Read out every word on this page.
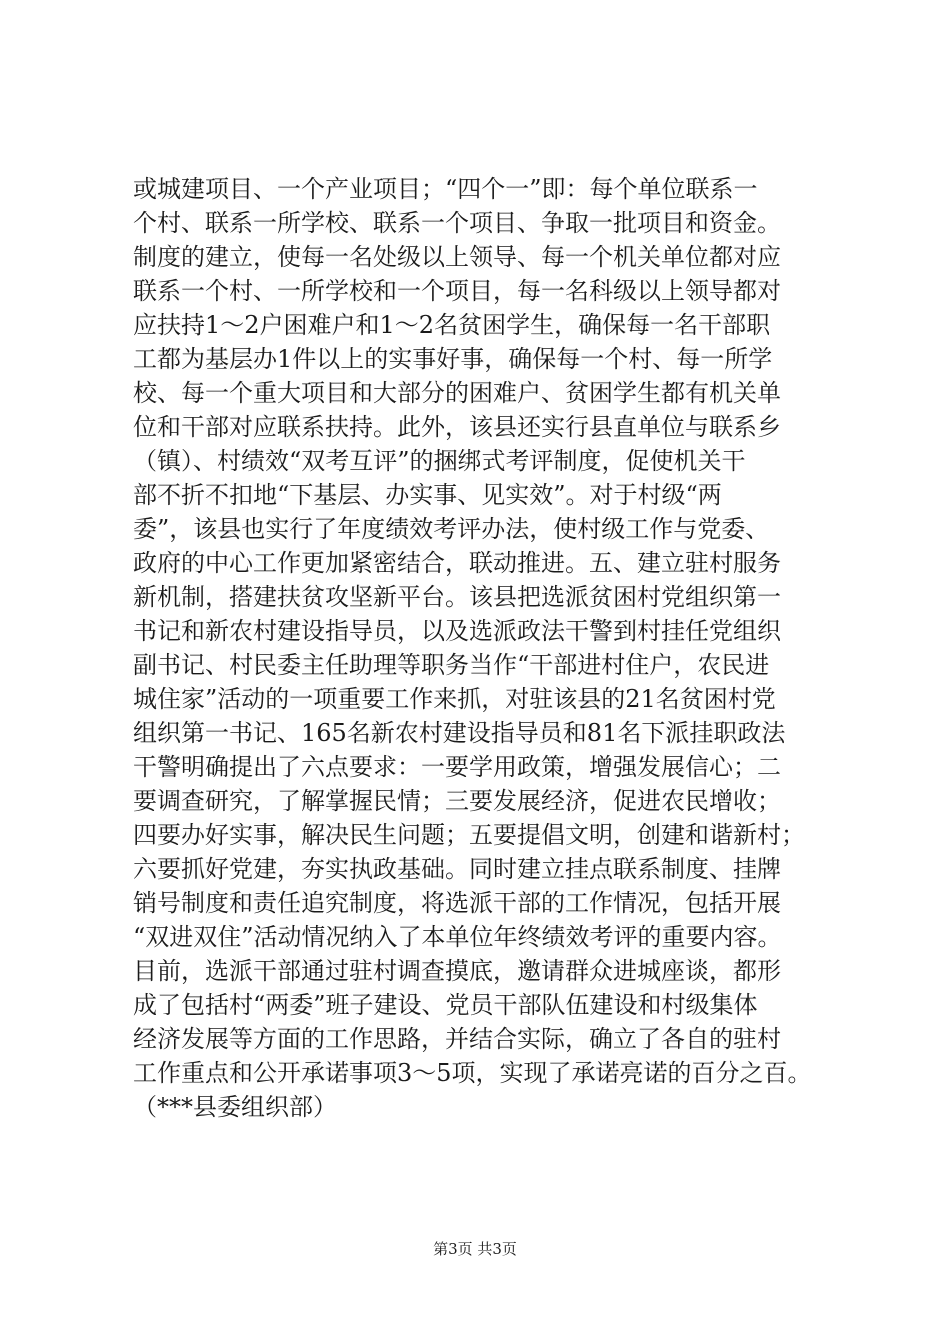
或城建项目、一个产业项目；“四个一”即：每个单位联系一
个村、联系一所学校、联系一个项目、争取一批项目和资金。
制度的建立，使每一名处级以上领导、每一个机关单位都对应
联系一个村、一所学校和一个项目，每一名科级以上领导都对
应扶持1～2户困难户和1～2名贫困学生，确保每一名干部职
工都为基层办1件以上的实事好事，确保每一个村、每一所学
校、每一个重大项目和大部分的困难户、贫困学生都有机关单
位和干部对应联系扶持。此外，该县还实行县直单位与联系乡
（镇）、村绩效“双考互评”的捆绑式考评制度，促使机关干
部不折不扣地“下基层、办实事、见实效”。对于村级“两
委”，该县也实行了年度绩效考评办法，使村级工作与党委、
政府的中心工作更加紧密结合，联动推进。五、建立驻村服务
新机制，搭建扶贫攻坚新平台。该县把选派贫困村党组织第一
书记和新农村建设指导员，以及选派政法干警到村挂任党组织
副书记、村民委主任助理等职务当作“干部进村住户，农民进
城住家”活动的一项重要工作来抓，对驻该县的21名贫困村党
组织第一书记、165名新农村建设指导员和81名下派挂职政法
干警明确提出了六点要求：一要学用政策，增强发展信心；二
要调查研究，了解掌握民情；三要发展经济，促进农民增收；
四要办好实事，解决民生问题；五要提倡文明，创建和谐新村；
六要抓好党建，夯实执政基础。同时建立挂点联系制度、挂牌
销号制度和责任追究制度，将选派干部的工作情况，包括开展
“双进双住”活动情况纳入了本单位年终绩效考评的重要内容。
目前，选派干部通过驻村调查摸底，邀请群众进城座谈，都形
成了包括村“两委”班子建设、党员干部队伍建设和村级集体
经济发展等方面的工作思路，并结合实际，确立了各自的驻村
工作重点和公开承诺事项3～5项，实现了承诺亮诺的百分之百。
（***县委组织部）
第3页 共3页
